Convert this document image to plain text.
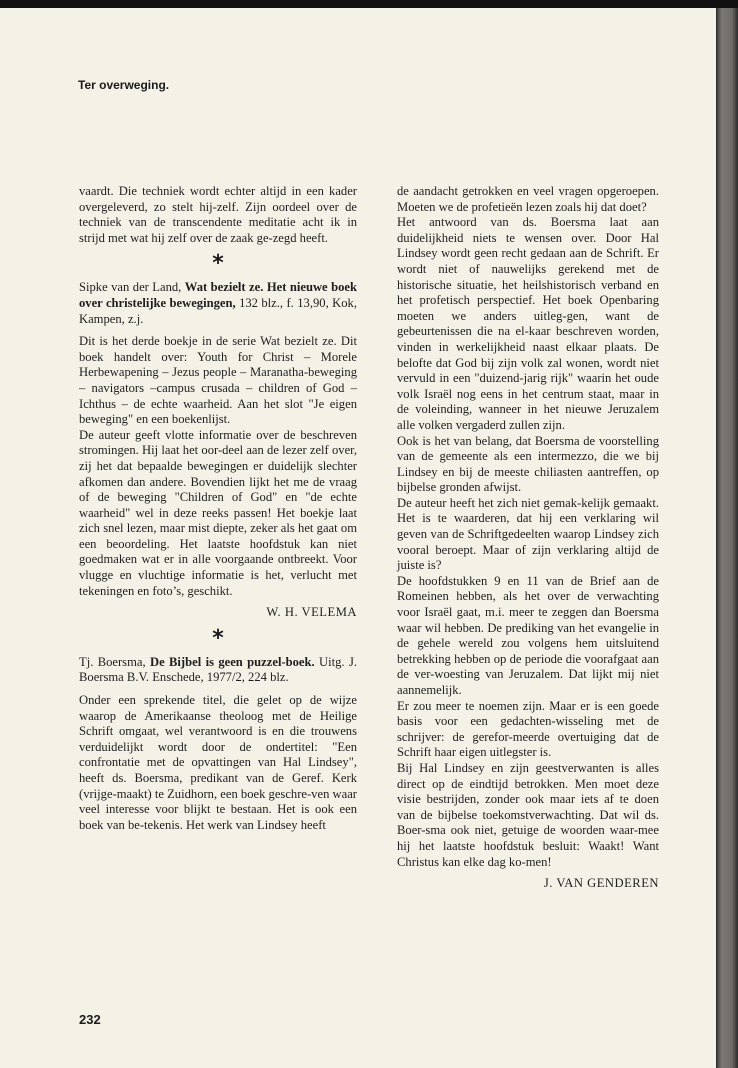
Ter overweging.

vaardt. Die techniek wordt echter altijd in een kader overgeleverd, zo stelt hij-zelf. Zijn oordeel over de techniek van de transcendente meditatie acht ik in strijd met wat hij zelf over de zaak ge-zegd heeft.

*

Sipke van der Land, Wat bezielt ze. Het nieuwe boek over christelijke bewegingen, 132 blz., f. 13,90, Kok, Kampen, z.j.

Dit is het derde boekje in de serie Wat bezielt ze. Dit boek handelt over: Youth for Christ – Morele Herbewapening – Jezus people – Maranatha-beweging – navigators –campus crusada – children of God – Ichthus – de echte waarheid. Aan het slot "Je eigen beweging" en een boekenlijst.

De auteur geeft vlotte informatie over de beschreven stromingen. Hij laat het oor-deel aan de lezer zelf over, zij het dat bepaalde bewegingen er duidelijk slechter afkomen dan andere. Bovendien lijkt het me de vraag of de beweging "Children of God" en "de echte waarheid" wel in deze reeks passen! Het boekje laat zich snel lezen, maar mist diepte, zeker als het gaat om een beoordeling. Het laatste hoofdstuk kan niet goedmaken wat er in alle voorgaande ontbreekt. Voor vlugge en vluchtige informatie is het, verlucht met tekeningen en foto’s, geschikt.

W. H. VELEMA

*

Tj. Boersma, De Bijbel is geen puzzel-boek. Uitg. J. Boersma B.V. Enschede, 1977/2, 224 blz.

Onder een sprekende titel, die gelet op de wijze waarop de Amerikaanse theoloog met de Heilige Schrift omgaat, wel verantwoord is en die trouwens verduidelijkt wordt door de ondertitel: "Een confrontatie met de opvattingen van Hal Lindsey", heeft ds. Boersma, predikant van de Geref. Kerk (vrijge-maakt) te Zuidhorn, een boek geschre-ven waar veel interesse voor blijkt te bestaan. Het is ook een boek van be-tekenis. Het werk van Lindsey heeft

de aandacht getrokken en veel vragen opgeroepen. Moeten we de profetieën lezen zoals hij dat doet?

Het antwoord van ds. Boersma laat aan duidelijkheid niets te wensen over. Door Hal Lindsey wordt geen recht gedaan aan de Schrift. Er wordt niet of nauwelijks gerekend met de historische situatie, het heilshistorisch verband en het profetisch perspectief. Het boek Openbaring moeten we anders uitleg-gen, want de gebeurtenissen die na el-kaar beschreven worden, vinden in werkelijkheid naast elkaar plaats. De belofte dat God bij zijn volk zal wonen, wordt niet vervuld in een "duizend-jarig rijk" waarin het oude volk Israël nog eens in het centrum staat, maar in de voleinding, wanneer in het nieuwe Jeruzalem alle volken vergaderd zullen zijn.

Ook is het van belang, dat Boersma de voorstelling van de gemeente als een intermezzo, die we bij Lindsey en bij de meeste chiliasten aantreffen, op bijbelse gronden afwijst.

De auteur heeft het zich niet gemak-kelijk gemaakt. Het is te waarderen, dat hij een verklaring wil geven van de Schriftgedeelten waarop Lindsey zich vooral beroept. Maar of zijn verklaring altijd de juiste is?

De hoofdstukken 9 en 11 van de Brief aan de Romeinen hebben, als het over de verwachting voor Israël gaat, m.i. meer te zeggen dan Boersma waar wil hebben. De prediking van het evangelie in de gehele wereld zou volgens hem uitsluitend betrekking hebben op de periode die voorafgaat aan de ver-woesting van Jeruzalem. Dat lijkt mij niet aannemelijk.

Er zou meer te noemen zijn. Maar er is een goede basis voor een gedachten-wisseling met de schrijver: de gerefor-meerde overtuiging dat de Schrift haar eigen uitlegster is.

Bij Hal Lindsey en zijn geestverwanten is alles direct op de eindtijd betrokken. Men moet deze visie bestrijden, zonder ook maar iets af te doen van de bijbelse toekomstverwachting. Dat wil ds. Boer-sma ook niet, getuige de woorden waar-mee hij het laatste hoofdstuk besluit: Waakt! Want Christus kan elke dag ko-men!

J. VAN GENDEREN

232
